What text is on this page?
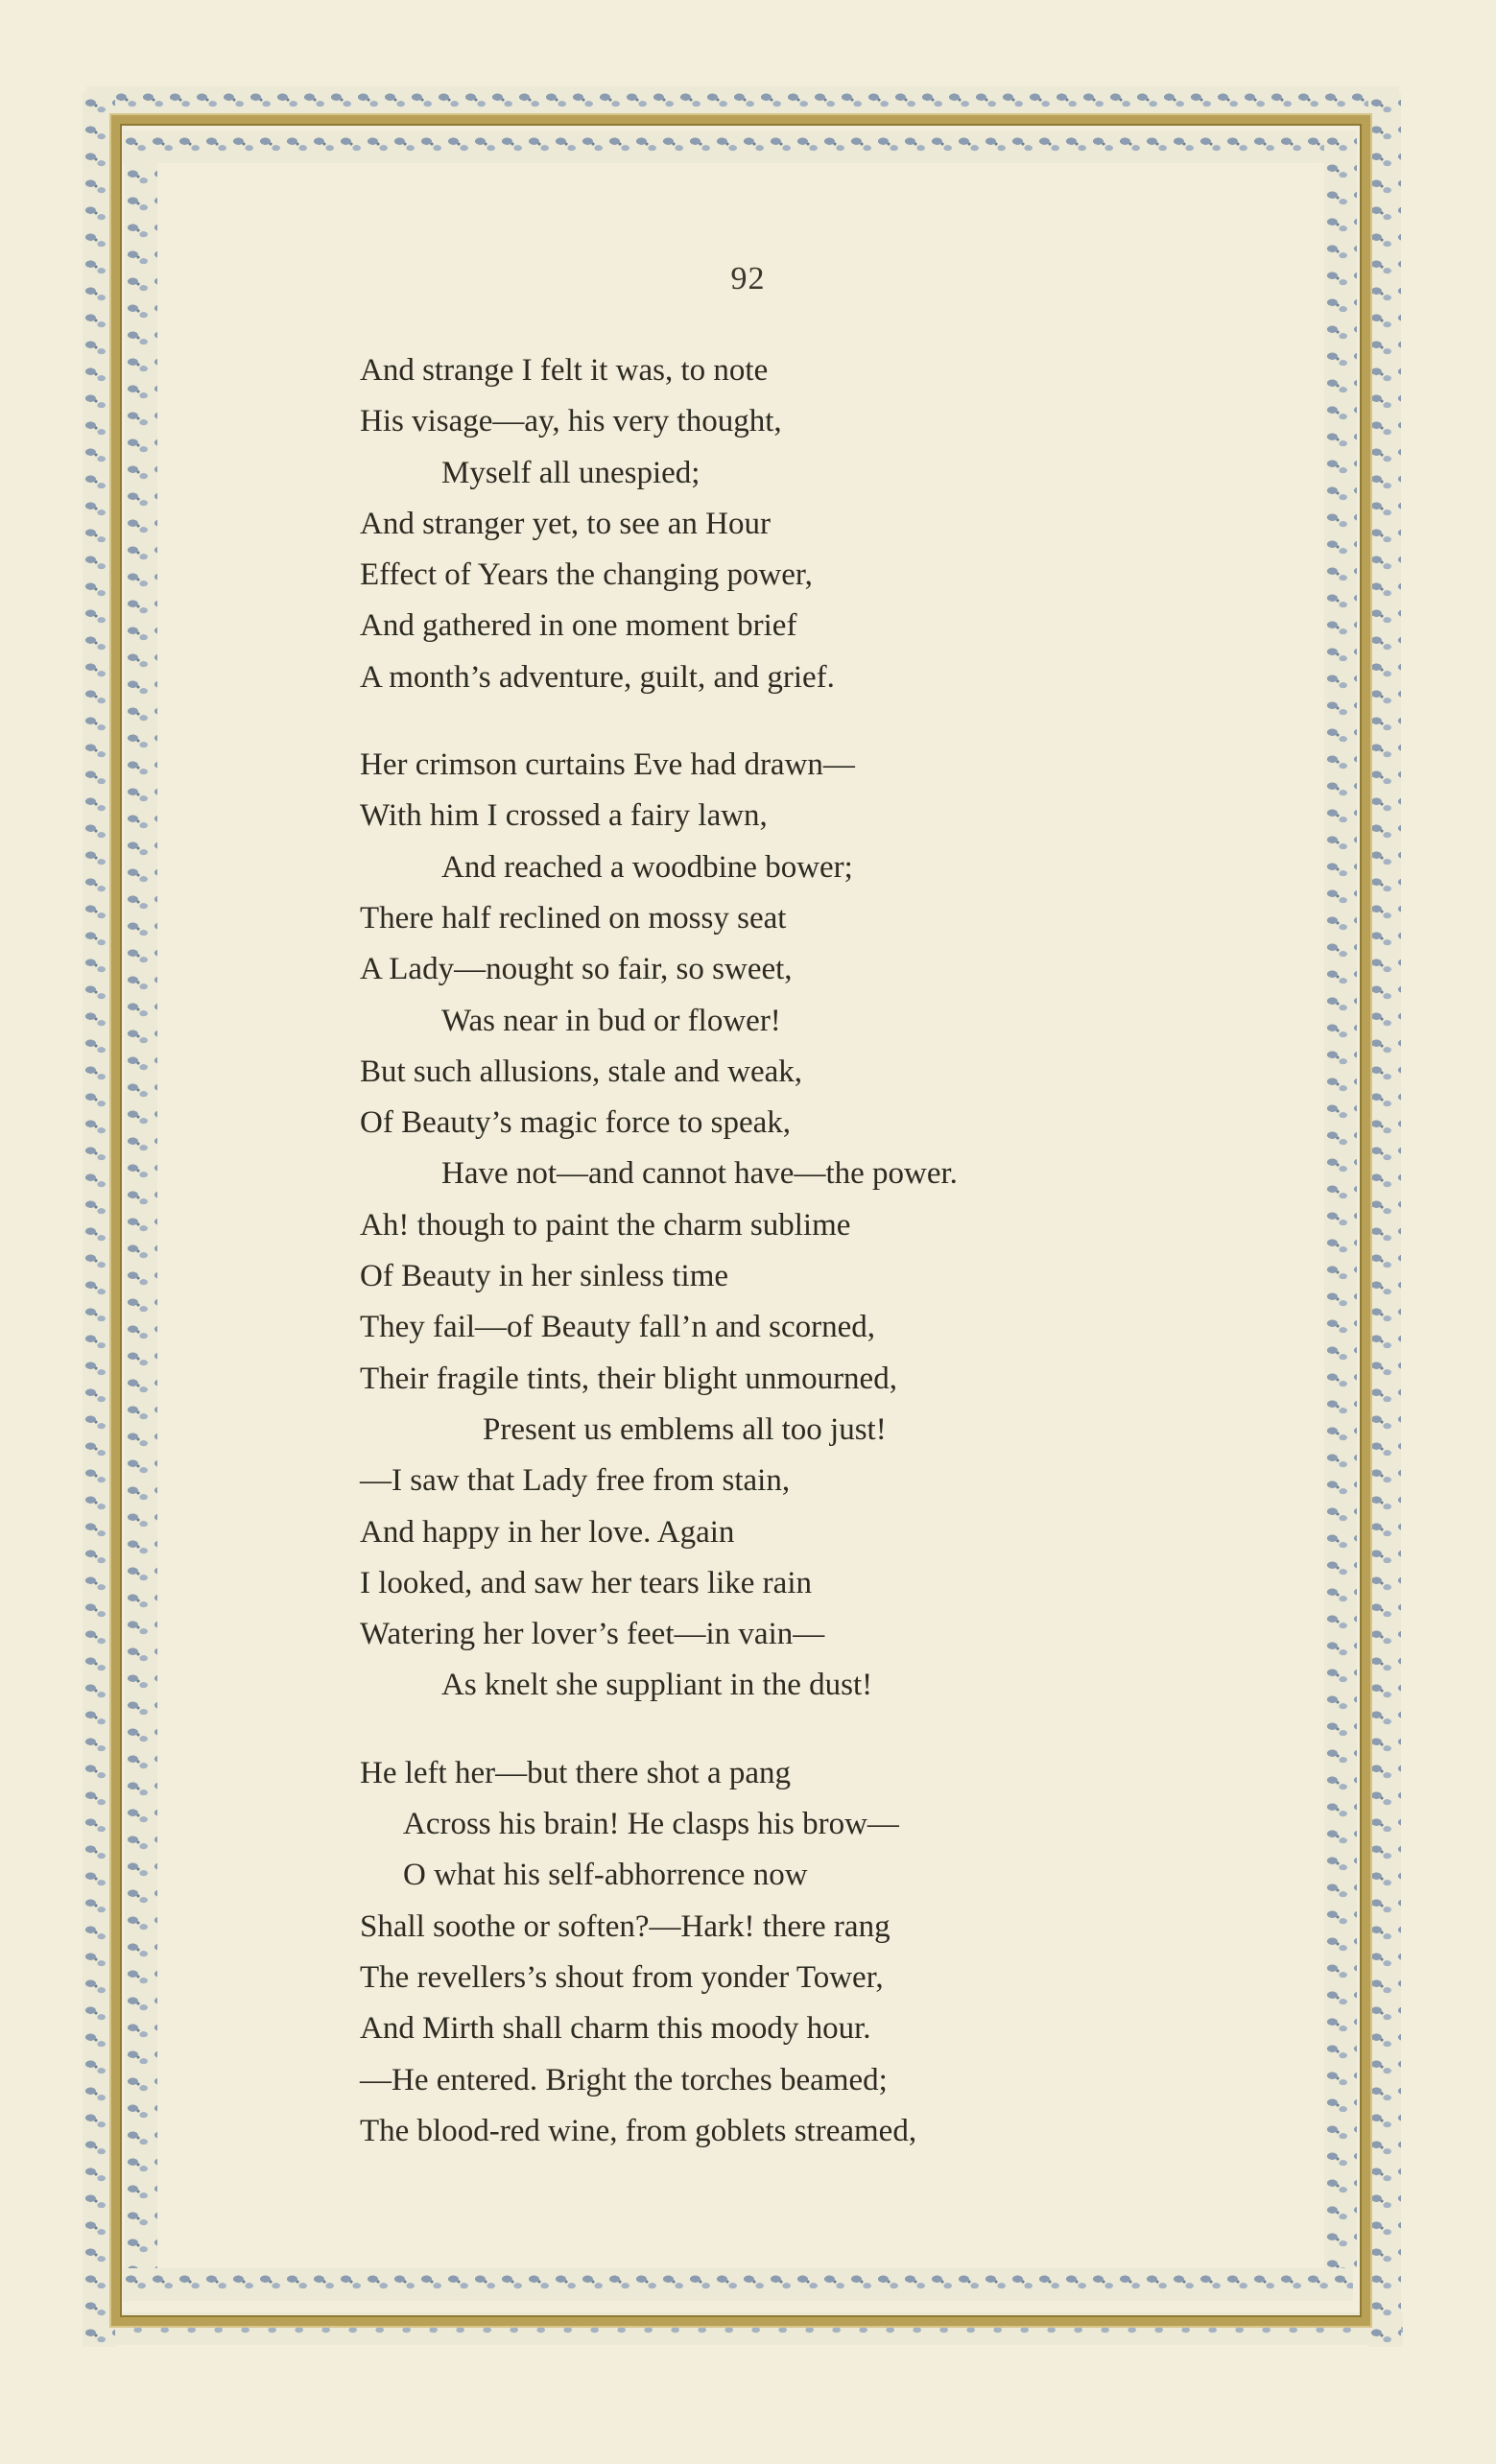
92
And strange I felt it was, to note
His visage—ay, his very thought,
Myself all unespied;
And stranger yet, to see an Hour
Effect of Years the changing power,
And gathered in one moment brief
A month’s adventure, guilt, and grief.
Her crimson curtains Eve had drawn—
With him I crossed a fairy lawn,
And reached a woodbine bower;
There half reclined on mossy seat
A Lady—nought so fair, so sweet,
Was near in bud or flower!
But such allusions, stale and weak,
Of Beauty’s magic force to speak,
Have not—and cannot have—the power.
Ah! though to paint the charm sublime
Of Beauty in her sinless time
They fail—of Beauty fall’n and scorned,
Their fragile tints, their blight unmourned,
Present us emblems all too just!
—I saw that Lady free from stain,
And happy in her love. Again
I looked, and saw her tears like rain
Watering her lover’s feet—in vain—
As knelt she suppliant in the dust!
He left her—but there shot a pang
Across his brain! He clasps his brow—
O what his self-abhorrence now
Shall soothe or soften?—Hark! there rang
The revellers’s shout from yonder Tower,
And Mirth shall charm this moody hour.
—He entered. Bright the torches beamed;
The blood-red wine, from goblets streamed,
